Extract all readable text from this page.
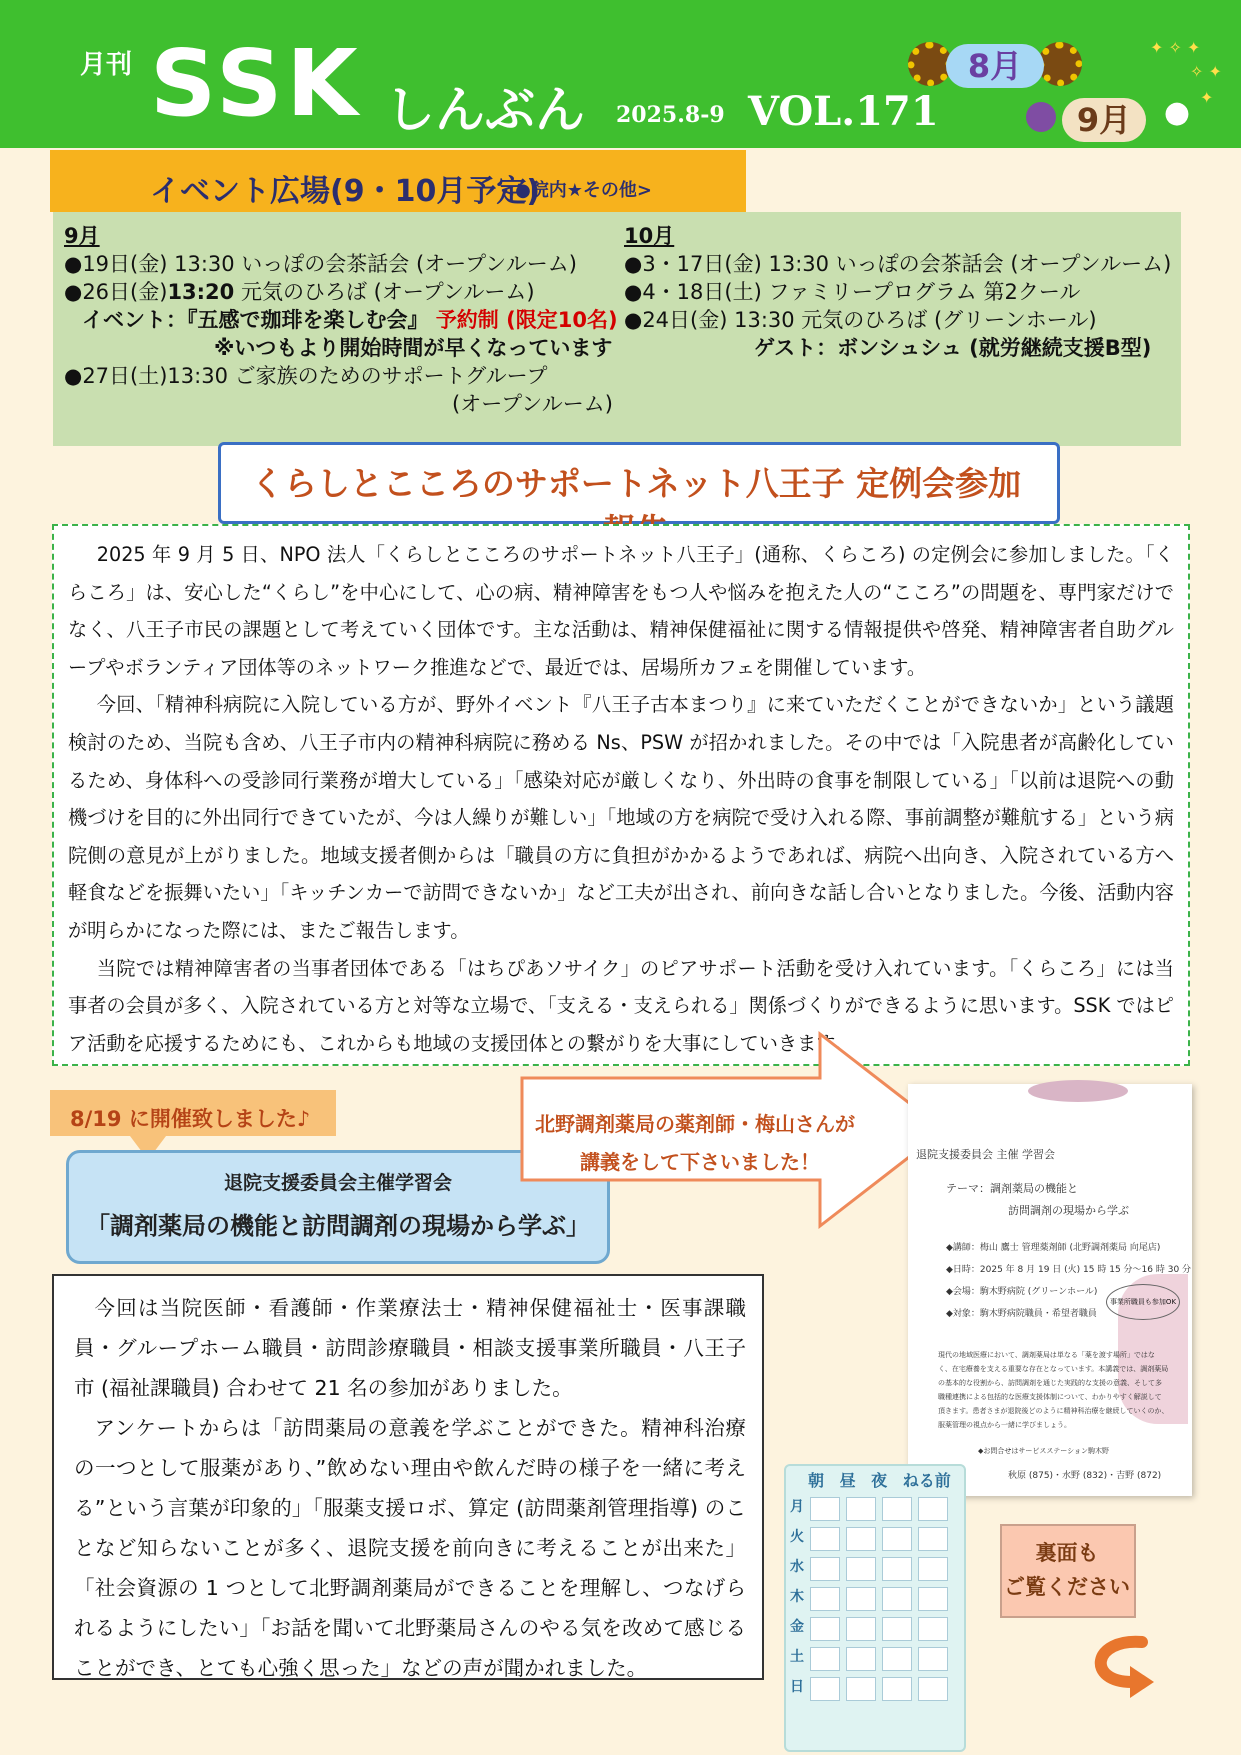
月刊 SSK しんぶん 2025.8-9 VOL.171
8月
9月	●
✦ ✧ ✦
✧ ✦
✦
イベント広場(9・10月予定)
<●院内★その他>
9月
●19日(金) 13:30 いっぽの会茶話会 (オープンルーム)
●26日(金)13:20 元気のひろば (オープンルーム)
イベント：『五感で珈琲を楽しむ会』 予約制 (限定10名)
※いつもより開始時間が早くなっています
●27日(土)13:30 ご家族のためのサポートグループ
(オープンルーム)
10月
●3・17日(金) 13:30 いっぽの会茶話会 (オープンルーム)
●4・18日(土) ファミリープログラム 第2クール
●24日(金) 13:30 元気のひろば (グリーンホール)
ゲスト：ボンシュシュ (就労継続支援B型)
くらしとこころのサポートネット八王子 定例会参加

2025 年 9 月 5 日、NPO 法人「くらしとこころのサポートネット八王子」(通称、くらころ) の定例会に参加しました。「くらころ」は、安心した“くらし”を中心にして、心の病、精神障害をもつ人や悩みを抱えた人の“こころ”の問題を、専門家だけでなく、八王子市民の課題として考えていく団体です。主な活動は、精神保健福祉に関する情報提供や啓発、精神障害者自助グループやボランティア団体等のネットワーク推進などで、最近では、居場所カフェを開催しています。

今回、「精神科病院に入院している方が、野外イベント『八王子古本まつり』に来ていただくことができないか」という議題検討のため、当院も含め、八王子市内の精神科病院に務める Ns、PSW が招かれました。その中では「入院患者が高齢化しているため、身体科への受診同行業務が増大している」「感染対応が厳しくなり、外出時の食事を制限している」「以前は退院への動機づけを目的に外出同行できていたが、今は人繰りが難しい」「地域の方を病院で受け入れる際、事前調整が難航する」という病院側の意見が上がりました。地域支援者側からは「職員の方に負担がかかるようであれば、病院へ出向き、入院されている方へ軽食などを振舞いたい」「キッチンカーで訪問できないか」など工夫が出され、前向きな話し合いとなりました。今後、活動内容が明らかになった際には、またご報告します。

当院では精神障害者の当事者団体である「はちぴあソサイク」のピアサポート活動を受け入れています。「くらころ」には当事者の会員が多く、入院されている方と対等な立場で、「支える・支えられる」関係づくりができるように思います。SSK ではピア活動を応援するためにも、これからも地域の支援団体との繋がりを大事にしていきます。

8/19 に開催致しました♪
退院支援委員会主催学習会
「調剤薬局の機能と訪問調剤の現場から学ぶ」
北野調剤薬局の薬剤師・梅山さんが
講義をして下さいました！	退院支援委員会 主催 学習会
テーマ：調剤薬局の機能と
訪問調剤の現場から学ぶ
◆講師：梅山 鷹士 管理薬剤師 (北野調剤薬局 向尾店)
◆日時：2025 年 8 月 19 日 (火) 15 時 15 分～16 時 30 分
◆会場：駒木野病院 (グリーンホール)
◆対象：駒木野病院職員・希望者職員
事業所職員も参加OK
現代の地域医療において、調剤薬局は単なる「薬を渡す場所」ではな
く、在宅療養を支える重要な存在となっています。本講義では、調剤薬局
の基本的な役割から、訪問調剤を通じた実践的な支援の意義、そして多
職種連携による包括的な医療支援体制について、わかりやすく解説して
頂きます。患者さまが退院後どのように精神科治療を継続していくのか、
服薬管理の視点から一緒に学びましょう。
◆お問合せはサービスステーション駒木野
秋原 (875)・水野 (832)・吉野 (872)

今回は当院医師・看護師・作業療法士・精神保健福祉士・医事課職員・グループホーム職員・訪問診療職員・相談支援事業所職員・八王子市 (福祉課職員) 合わせて 21 名の参加がありました。

アンケートからは「訪問薬局の意義を学ぶことができた。精神科治療の一つとして服薬があり、”飲めない理由や飲んだ時の様子を一緒に考える”という言葉が印象的」「服薬支援ロボ、算定 (訪問薬剤管理指導) のことなど知らないことが多く、退院支援を前向きに考えることが出来た」「社会資源の 1 つとして北野調剤薬局ができることを理解し、つなげられるようにしたい」「お話を聞いて北野薬局さんのやる気を改めて感じることができ、とても心強く思った」などの声が聞かれました。

朝 昼 夜 ねる前
月
火
水
木
金
土
日
裏面も
ご覧ください
